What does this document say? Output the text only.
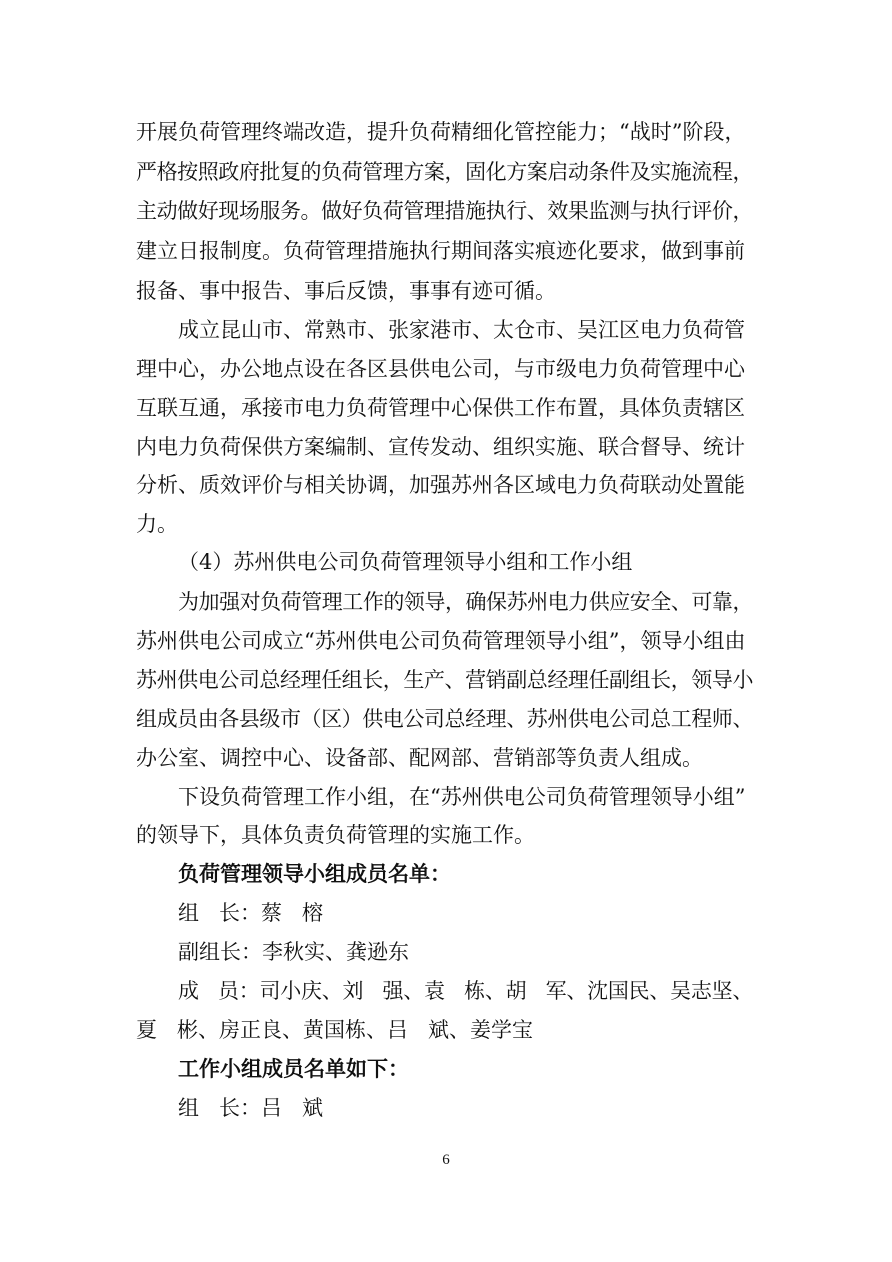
开展负荷管理终端改造，提升负荷精细化管控能力；“战时”阶段，
严格按照政府批复的负荷管理方案，固化方案启动条件及实施流程，
主动做好现场服务。做好负荷管理措施执行、效果监测与执行评价，
建立日报制度。负荷管理措施执行期间落实痕迹化要求，做到事前
报备、事中报告、事后反馈，事事有迹可循。
成立昆山市、常熟市、张家港市、太仓市、吴江区电力负荷管
理中心，办公地点设在各区县供电公司，与市级电力负荷管理中心
互联互通，承接市电力负荷管理中心保供工作布置，具体负责辖区
内电力负荷保供方案编制、宣传发动、组织实施、联合督导、统计
分析、质效评价与相关协调，加强苏州各区域电力负荷联动处置能
力。
（4）苏州供电公司负荷管理领导小组和工作小组
为加强对负荷管理工作的领导，确保苏州电力供应安全、可靠，
苏州供电公司成立“苏州供电公司负荷管理领导小组”，领导小组由
苏州供电公司总经理任组长，生产、营销副总经理任副组长，领导小
组成员由各县级市（区）供电公司总经理、苏州供电公司总工程师、
办公室、调控中心、设备部、配网部、营销部等负责人组成。
下设负荷管理工作小组，在“苏州供电公司负荷管理领导小组”
的领导下，具体负责负荷管理的实施工作。
负荷管理领导小组成员名单：
组   长：蔡   榕
副组长：李秋实、龚逊东
成   员：司小庆、刘   强、袁   栋、胡   军、沈国民、吴志坚、
夏   彬、房正良、黄国栋、吕   斌、姜学宝
工作小组成员名单如下：
组   长：吕   斌
6
